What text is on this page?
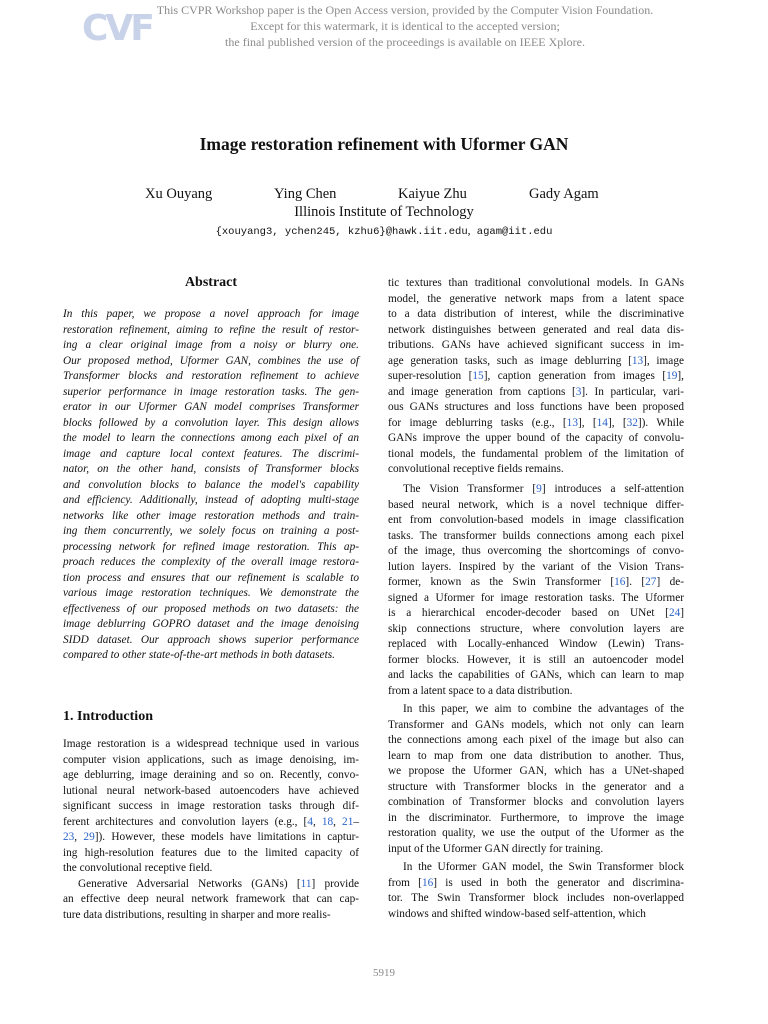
CVF This CVPR Workshop paper is the Open Access version, provided by the Computer Vision Foundation.
Except for this watermark, it is identical to the accepted version;
the final published version of the proceedings is available on IEEE Xplore.
Image restoration refinement with Uformer GAN
Xu Ouyang	Ying Chen	Kaiyue Zhu	Gady Agam
Illinois Institute of Technology
{xouyang3, ychen245, kzhu6}@hawk.iit.edu, agam@iit.edu
Abstract
In this paper, we propose a novel approach for image
restoration refinement, aiming to refine the result of restor-
ing a clear original image from a noisy or blurry one.
Our proposed method, Uformer GAN, combines the use of
Transformer blocks and restoration refinement to achieve
superior performance in image restoration tasks. The gen-
erator in our Uformer GAN model comprises Transformer
blocks followed by a convolution layer. This design allows
the model to learn the connections among each pixel of an
image and capture local context features. The discrimi-
nator, on the other hand, consists of Transformer blocks
and convolution blocks to balance the model's capability
and efficiency. Additionally, instead of adopting multi-stage
networks like other image restoration methods and train-
ing them concurrently, we solely focus on training a post-
processing network for refined image restoration. This ap-
proach reduces the complexity of the overall image restora-
tion process and ensures that our refinement is scalable to
various image restoration techniques. We demonstrate the
effectiveness of our proposed methods on two datasets: the
image deblurring GOPRO dataset and the image denoising
SIDD dataset. Our approach shows superior performance
compared to other state-of-the-art methods in both datasets.
1. Introduction
Image restoration is a widespread technique used in various
computer vision applications, such as image denoising, im-
age deblurring, image deraining and so on. Recently, convo-
lutional neural network-based autoencoders have achieved
significant success in image restoration tasks through dif-
ferent architectures and convolution layers (e.g., [4, 18, 21–
23, 29]). However, these models have limitations in captur-
ing high-resolution features due to the limited capacity of
the convolutional receptive field.
Generative Adversarial Networks (GANs) [11] provide
an effective deep neural network framework that can cap-
ture data distributions, resulting in sharper and more realis-
tic textures than traditional convolutional models. In GANs
model, the generative network maps from a latent space
to a data distribution of interest, while the discriminative
network distinguishes between generated and real data dis-
tributions. GANs have achieved significant success in im-
age generation tasks, such as image deblurring [13], image
super-resolution [15], caption generation from images [19],
and image generation from captions [3]. In particular, vari-
ous GANs structures and loss functions have been proposed
for image deblurring tasks (e.g., [13], [14], [32]). While
GANs improve the upper bound of the capacity of convolu-
tional models, the fundamental problem of the limitation of
convolutional receptive fields remains.
The Vision Transformer [9] introduces a self-attention
based neural network, which is a novel technique differ-
ent from convolution-based models in image classification
tasks. The transformer builds connections among each pixel
of the image, thus overcoming the shortcomings of convo-
lution layers. Inspired by the variant of the Vision Trans-
former, known as the Swin Transformer [16]. [27] de-
signed a Uformer for image restoration tasks. The Uformer
is a hierarchical encoder-decoder based on UNet [24]
skip connections structure, where convolution layers are
replaced with Locally-enhanced Window (Lewin) Trans-
former blocks. However, it is still an autoencoder model
and lacks the capabilities of GANs, which can learn to map
from a latent space to a data distribution.
In this paper, we aim to combine the advantages of the
Transformer and GANs models, which not only can learn
the connections among each pixel of the image but also can
learn to map from one data distribution to another. Thus,
we propose the Uformer GAN, which has a UNet-shaped
structure with Transformer blocks in the generator and a
combination of Transformer blocks and convolution layers
in the discriminator. Furthermore, to improve the image
restoration quality, we use the output of the Uformer as the
input of the Uformer GAN directly for training.
In the Uformer GAN model, the Swin Transformer block
from [16] is used in both the generator and discrimina-
tor. The Swin Transformer block includes non-overlapped
windows and shifted window-based self-attention, which
5919
